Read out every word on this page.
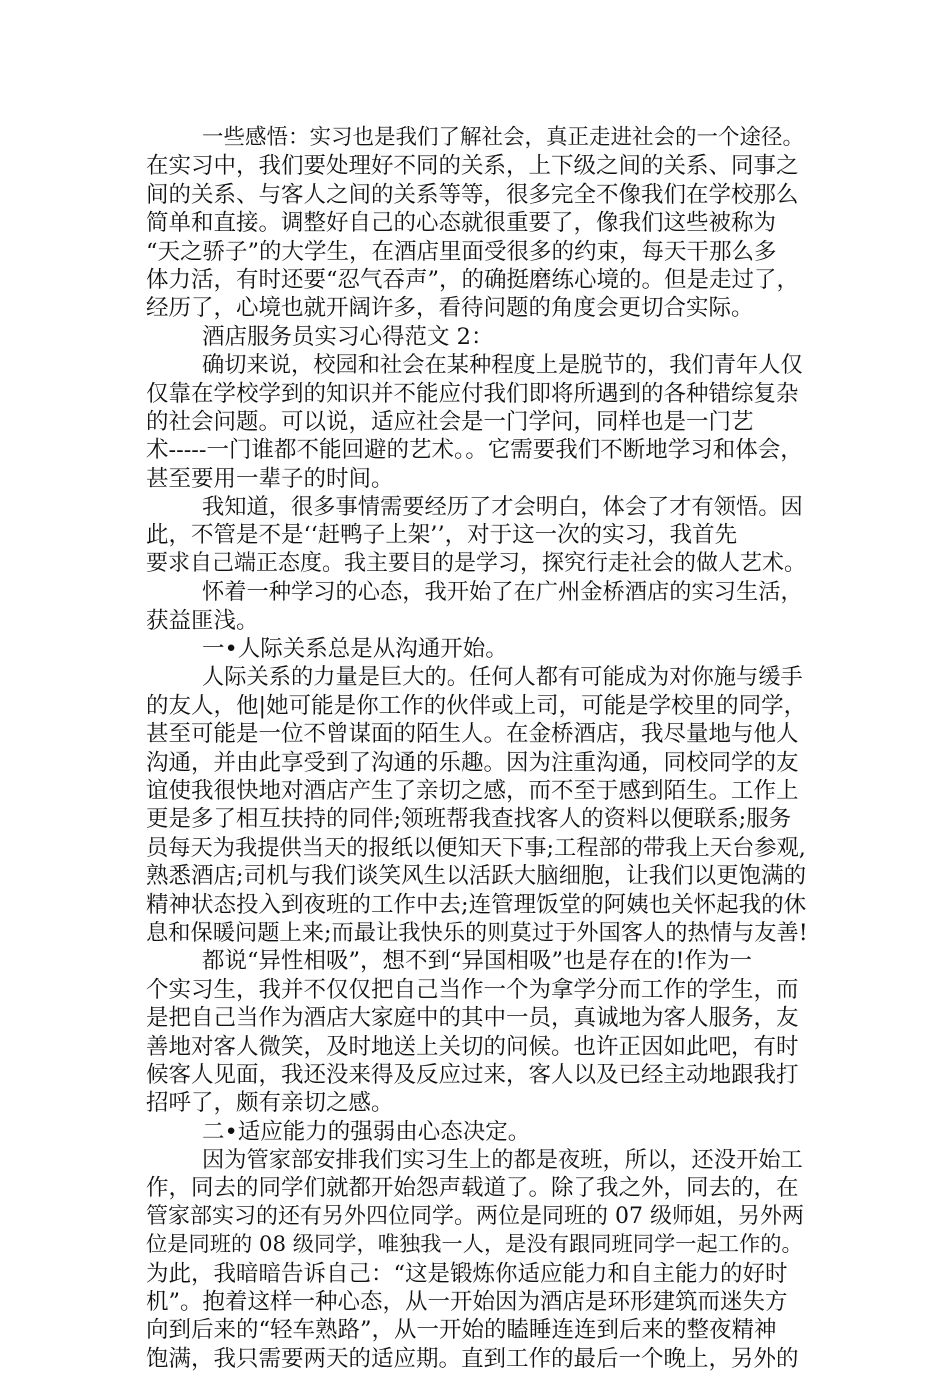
一些感悟：实习也是我们了解社会，真正走进社会的一个途径。
在实习中，我们要处理好不同的关系，上下级之间的关系、同事之
间的关系、与客人之间的关系等等，很多完全不像我们在学校那么
简单和直接。调整好自己的心态就很重要了，像我们这些被称为
“天之骄子”的大学生，在酒店里面受很多的约束，每天干那么多
体力活，有时还要“忍气吞声”，的确挺磨练心境的。但是走过了，
经历了，心境也就开阔许多，看待问题的角度会更切合实际。
酒店服务员实习心得范文 2：
确切来说，校园和社会在某种程度上是脱节的，我们青年人仅
仅靠在学校学到的知识并不能应付我们即将所遇到的各种错综复杂
的社会问题。可以说，适应社会是一门学问，同样也是一门艺
术-----一门谁都不能回避的艺术。。它需要我们不断地学习和体会，
甚至要用一辈子的时间。
我知道，很多事情需要经历了才会明白，体会了才有领悟。因
此，不管是不是‘‘赶鸭子上架’’，对于这一次的实习，我首先
要求自己端正态度。我主要目的是学习，探究行走社会的做人艺术。
怀着一种学习的心态，我开始了在广州金桥酒店的实习生活，
获益匪浅。
一•人际关系总是从沟通开始。
人际关系的力量是巨大的。任何人都有可能成为对你施与缓手
的友人，他|她可能是你工作的伙伴或上司，可能是学校里的同学，
甚至可能是一位不曾谋面的陌生人。在金桥酒店，我尽量地与他人
沟通，并由此享受到了沟通的乐趣。因为注重沟通，同校同学的友
谊使我很快地对酒店产生了亲切之感，而不至于感到陌生。工作上
更是多了相互扶持的同伴;领班帮我查找客人的资料以便联系;服务
员每天为我提供当天的报纸以便知天下事;工程部的带我上天台参观,
熟悉酒店;司机与我们谈笑风生以活跃大脑细胞，让我们以更饱满的
精神状态投入到夜班的工作中去;连管理饭堂的阿姨也关怀起我的休
息和保暖问题上来;而最让我快乐的则莫过于外国客人的热情与友善!
都说“异性相吸”，想不到“异国相吸”也是存在的!作为一
个实习生，我并不仅仅把自己当作一个为拿学分而工作的学生，而
是把自己当作为酒店大家庭中的其中一员，真诚地为客人服务，友
善地对客人微笑，及时地送上关切的问候。也许正因如此吧，有时
候客人见面，我还没来得及反应过来，客人以及已经主动地跟我打
招呼了，颇有亲切之感。
二•适应能力的强弱由心态决定。
因为管家部安排我们实习生上的都是夜班，所以，还没开始工
作，同去的同学们就都开始怨声载道了。除了我之外，同去的，在
管家部实习的还有另外四位同学。两位是同班的 07 级师姐，另外两
位是同班的 08 级同学，唯独我一人，是没有跟同班同学一起工作的。
为此，我暗暗告诉自己：“这是锻炼你适应能力和自主能力的好时
机”。抱着这样一种心态，从一开始因为酒店是环形建筑而迷失方
向到后来的“轻车熟路”，从一开始的瞌睡连连到后来的整夜精神
饱满，我只需要两天的适应期。直到工作的最后一个晚上，另外的
